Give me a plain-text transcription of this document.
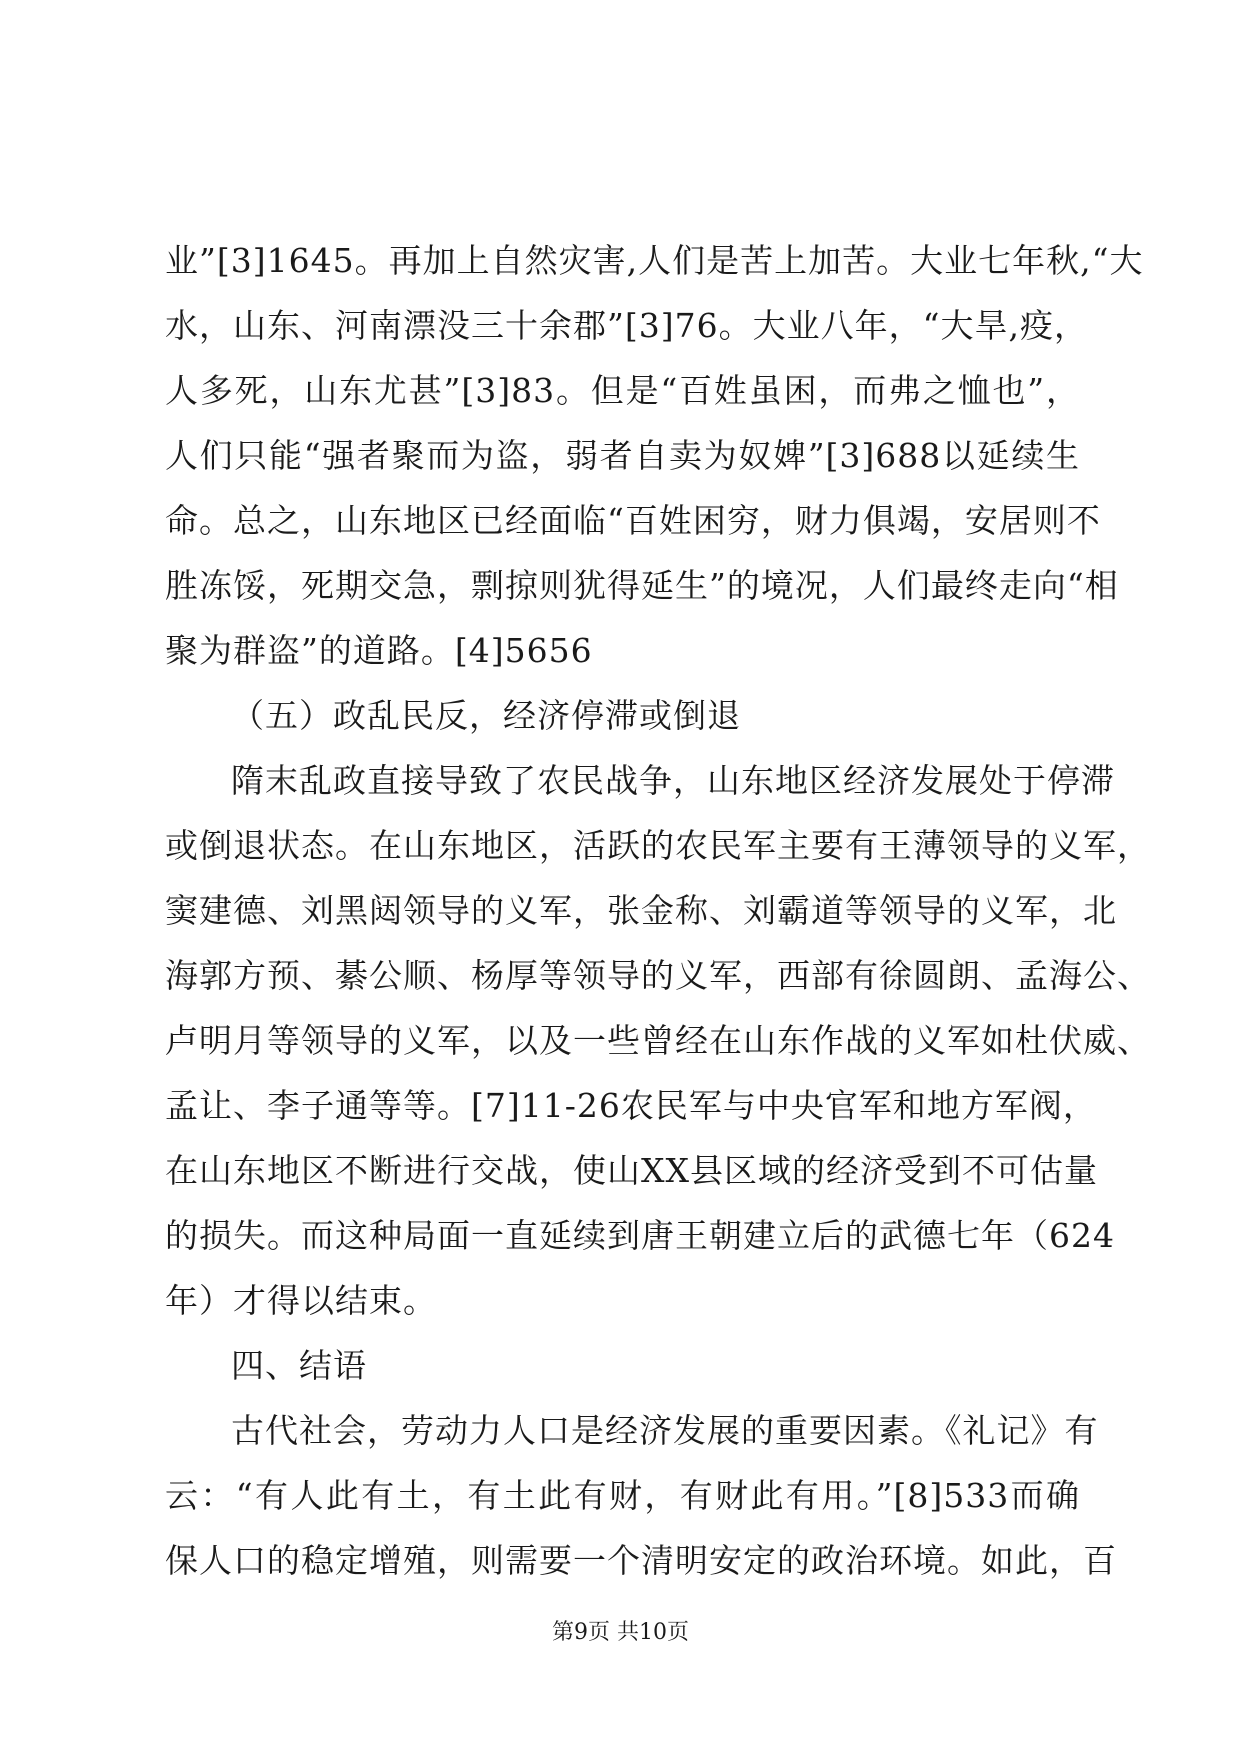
业”[3]1645。再加上自然灾害,人们是苦上加苦。大业七年秋,“大
水，山东、河南漂没三十余郡”[3]76。大业八年，“大旱,疫，
人多死，山东尤甚”[3]83。但是“百姓虽困，而弗之恤也”，
人们只能“强者聚而为盗，弱者自卖为奴婢”[3]688以延续生
命。总之，山东地区已经面临“百姓困穷，财力俱竭，安居则不
胜冻馁，死期交急，剽掠则犹得延生”的境况，人们最终走向“相
聚为群盗”的道路。[4]5656
（五）政乱民反，经济停滞或倒退
隋末乱政直接导致了农民战争，山东地区经济发展处于停滞
或倒退状态。在山东地区，活跃的农民军主要有王薄领导的义军，
窦建德、刘黑闼领导的义军，张金称、刘霸道等领导的义军，北
海郭方预、綦公顺、杨厚等领导的义军，西部有徐圆朗、孟海公、
卢明月等领导的义军，以及一些曾经在山东作战的义军如杜伏威、
孟让、李子通等等。[7]11-26农民军与中央官军和地方军阀，
在山东地区不断进行交战，使山XX县区域的经济受到不可估量
的损失。而这种局面一直延续到唐王朝建立后的武德七年（624
年）才得以结束。
四、结语
古代社会，劳动力人口是经济发展的重要因素。《礼记》有
云：“有人此有土，有土此有财，有财此有用。”[8]533而确
保人口的稳定增殖，则需要一个清明安定的政治环境。如此，百
第9页 共10页
